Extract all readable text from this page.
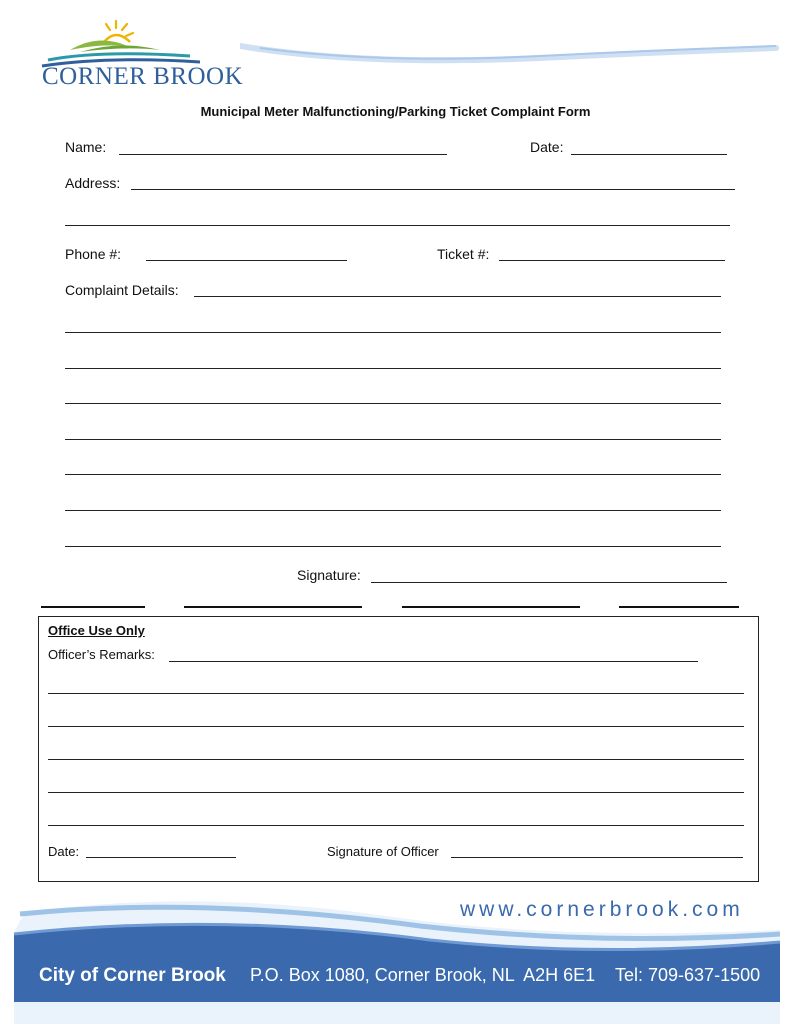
CORNER BROOK
Municipal Meter Malfunctioning/Parking Ticket Complaint Form
Name:	Date:
Address:
Phone #:	Ticket #:
Complaint Details:
Signature:
Office Use Only
Officer’s Remarks:
Date:	Signature of Officer
www.cornerbrook.com
City of Corner Brook P.O. Box 1080, Corner Brook, NL  A2H 6E1 Tel: 709-637-1500
